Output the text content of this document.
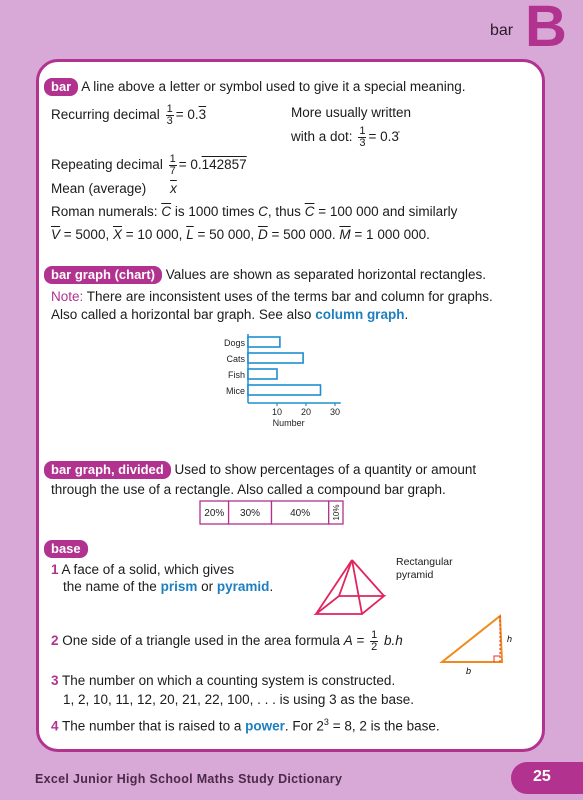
bar B
bar A line above a letter or symbol used to give it a special meaning.
Recurring decimal $\frac{1}{3} = 0.3$	More usually written
with a dot: $\frac{1}{3}$ = 0.3̇
Repeating decimal $\frac{1}{7} = 0.142857$
Mean (average) $\overline{x}$
Roman numerals: $\overline{C}$ is 1000 times C, thus $\overline{C} = 100$ 000 and similarly
$\overline{V} = 5000$, $\overline{X} = 10$ 000, $\overline{L} = 50$ 000, $\overline{D} = 500$ 000. $\overline{M} = 1$ 000 000.
bar graph (chart) Values are shown as separated horizontal rectangles.
Note: There are inconsistent uses of the terms bar and column for graphs.
Also called a horizontal bar graph. See also column graph.
Dogs
Cats
Fish
Mice
10 20 30
Number
bar graph, divided Used to show percentages of a quantity or amount
through the use of a rectangle. Also called a compound bar graph.
20% 30%	40%	10%
base
1 A face of a solid, which gives
the name of the prism or pyramid.
Rectangular
pyramid
2 One side of a triangle used in the area formula $A = \frac{1}{2} b.h$	h
b
3 The number on which a counting system is constructed.
1, 2, 10, 11, 12, 20, 21, 22, 100, . . . is using 3 as the base.
4 The number that is raised to a power. For $2^3 = 8$, 2 is the base.
Excel Junior High School Maths Study Dictionary	25
